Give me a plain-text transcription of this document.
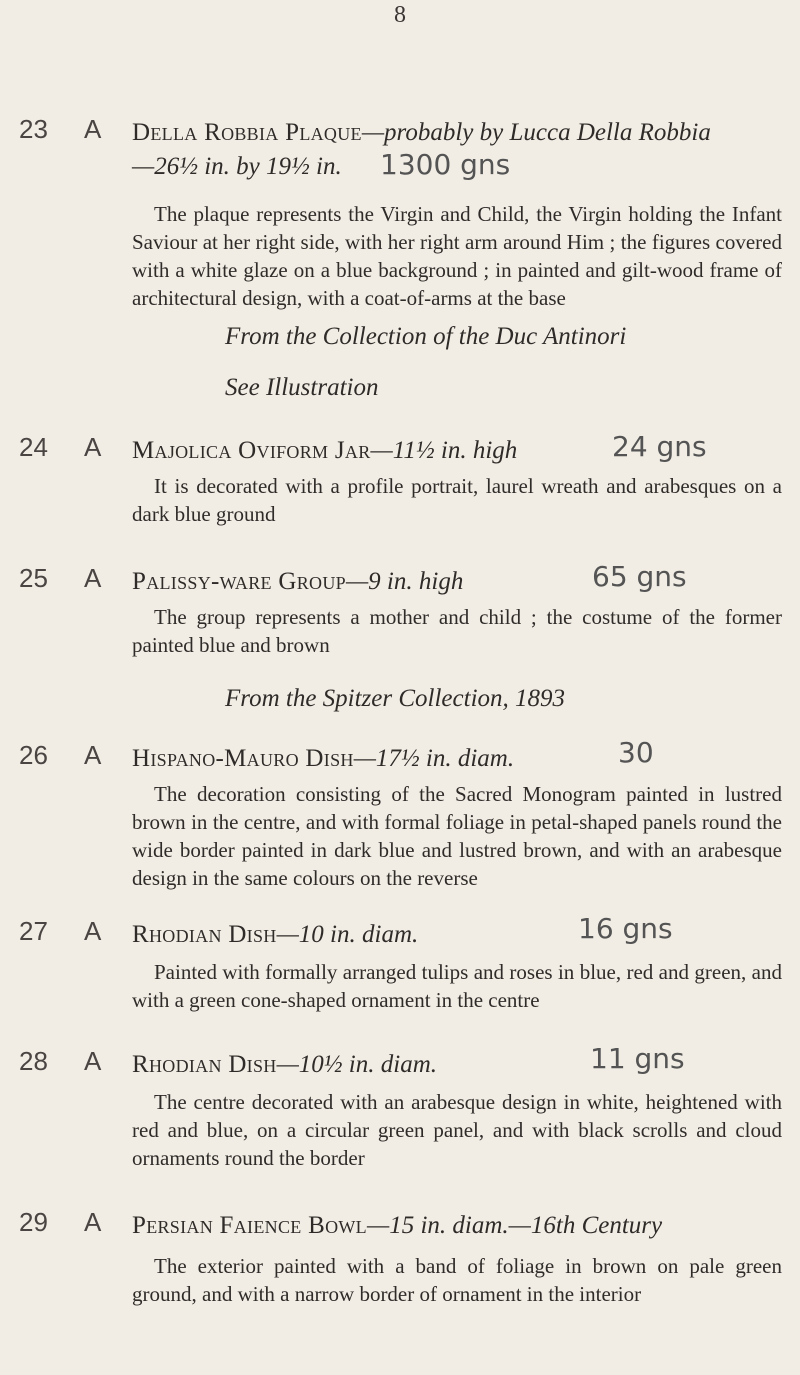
8
23 A Della Robbia Plaque—probably by Lucca Della Robbia
—26½ in. by 19½ in.	1300 gns
The plaque represents the Virgin and Child, the Virgin holding the Infant Saviour at her right side, with her right arm around Him ; the figures covered with a white glaze on a blue background ; in painted and gilt-wood frame of architectural design, with a coat-of-arms at the base
From the Collection of the Duc Antinori
See Illustration
24 A Majolica Oviform Jar—11½ in. high	24 gns
It is decorated with a profile portrait, laurel wreath and arabesques on a dark blue ground
25 A Palissy-ware Group—9 in. high	65 gns
The group represents a mother and child ; the costume of the former painted blue and brown
From the Spitzer Collection, 1893
26 A Hispano-Mauro Dish—17½ in. diam.	30
The decoration consisting of the Sacred Monogram painted in lustred brown in the centre, and with formal foliage in petal-shaped panels round the wide border painted in dark blue and lustred brown, and with an arabesque design in the same colours on the reverse
27 A Rhodian Dish—10 in. diam.	16 gns
Painted with formally arranged tulips and roses in blue, red and green, and with a green cone-shaped ornament in the centre
28 A Rhodian Dish—10½ in. diam.	11 gns
The centre decorated with an arabesque design in white, heightened with red and blue, on a circular green panel, and with black scrolls and cloud ornaments round the border
29 A Persian Faience Bowl—15 in. diam.—16th Century
The exterior painted with a band of foliage in brown on pale green ground, and with a narrow border of ornament in the interior
